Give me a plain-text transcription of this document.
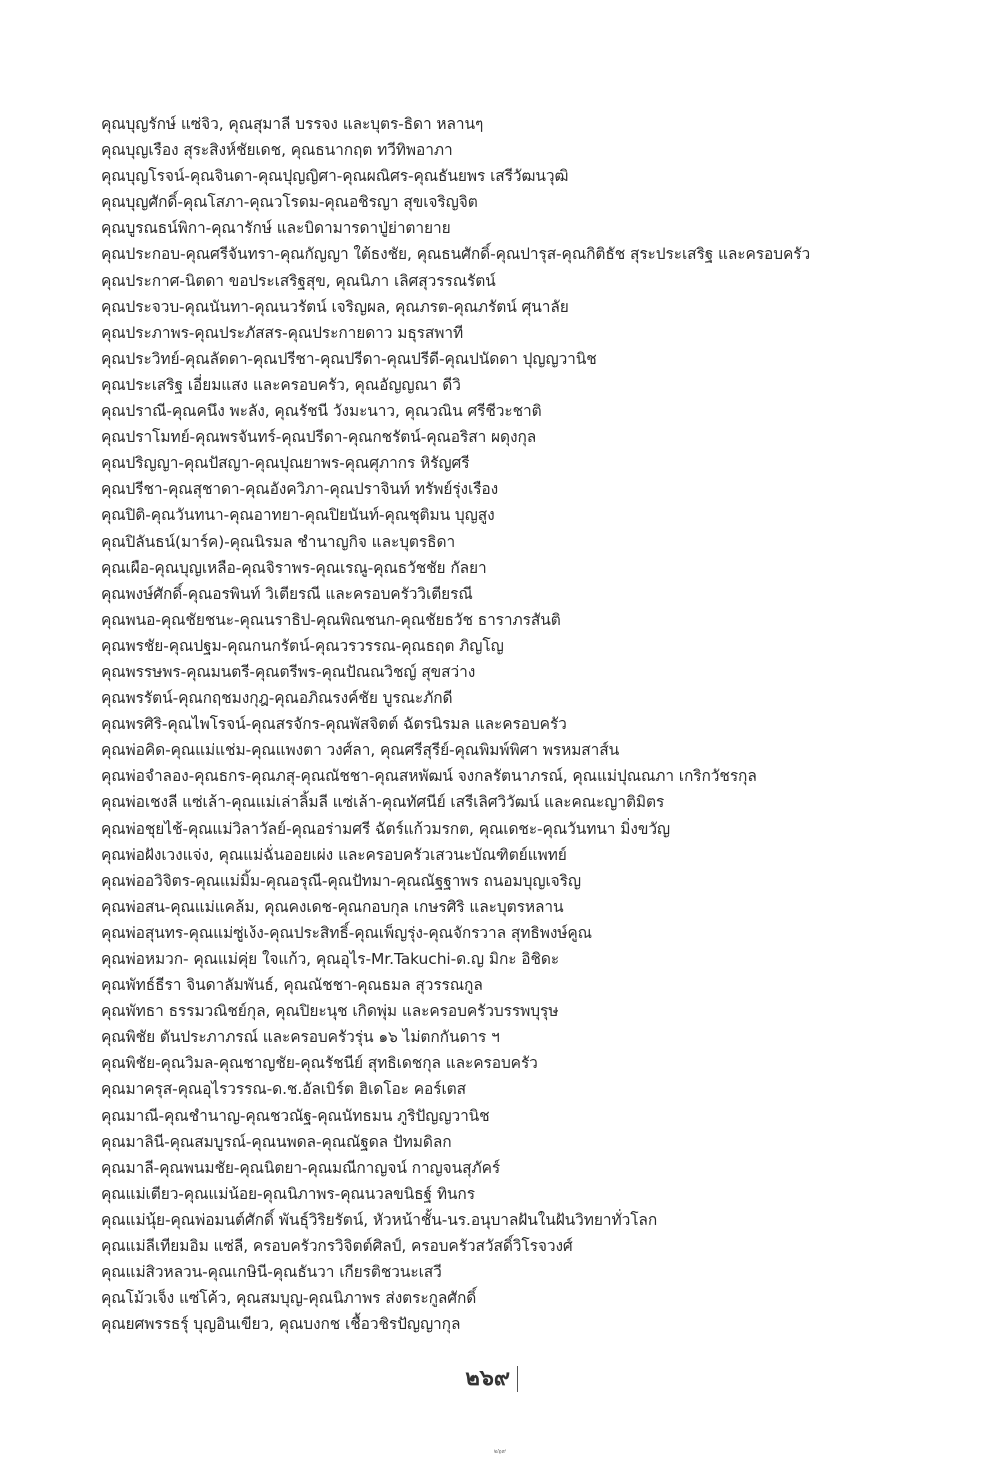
คุณบุญรักษ์ แซ่จิว, คุณสุมาลี บรรจง และบุตร-ธิดา หลานๆ
คุณบุญเรือง สุระสิงห์ชัยเดช, คุณธนากฤต ทวีทิพอาภา
คุณบุญโรจน์-คุณจินดา-คุณปุญญิศา-คุณผณิศร-คุณธันยพร เสรีวัฒนวุฒิ
คุณบุญศักดิ์-คุณโสภา-คุณวโรดม-คุณอชิรญา สุขเจริญจิต
คุณบูรณธน์พิกา-คุณารักษ์ และบิดามารดาปู่ย่าตายาย
คุณประกอบ-คุณศรีจันทรา-คุณกัญญา ใต้ธงชัย, คุณธนศักดิ์-คุณปารุส-คุณกิติธัช สุระประเสริฐ และครอบครัว
คุณประกาศ-นิตดา ขอประเสริฐสุข, คุณนิภา เลิศสุวรรณรัตน์
คุณประจวบ-คุณนันทา-คุณนวรัตน์ เจริญผล, คุณภรต-คุณภรัตน์ ศุนาลัย
คุณประภาพร-คุณประภัสสร-คุณประกายดาว มธุรสพาที
คุณประวิทย์-คุณลัดดา-คุณปรีชา-คุณปรีดา-คุณปรีดี-คุณปนัดดา ปุญญวานิช
คุณประเสริฐ เอี่ยมแสง และครอบครัว, คุณอัญญณา ดีวิ
คุณปราณี-คุณคนึง พะลัง, คุณรัชนี วังมะนาว, คุณวณิน ศรีชีวะชาติ
คุณปราโมทย์-คุณพรจันทร์-คุณปรีดา-คุณกชรัตน์-คุณอริสา ผดุงกุล
คุณปริญญา-คุณปัสญา-คุณปุณยาพร-คุณศุภากร หิรัญศรี
คุณปรีชา-คุณสุชาดา-คุณอังควิภา-คุณปราจินท์ ทรัพย์รุ่งเรือง
คุณปิติ-คุณวันทนา-คุณอาทยา-คุณปิยนันท์-คุณชุติมน บุญสูง
คุณปิลันธน์(มาร์ค)-คุณนิรมล ชำนาญกิจ และบุตรธิดา
คุณเผือ-คุณบุญเหลือ-คุณจิราพร-คุณเรณู-คุณธวัชชัย กัลยา
คุณพงษ์ศักดิ์-คุณอรพินท์ วิเตียรณี และครอบครัววิเตียรณี
คุณพนอ-คุณชัยชนะ-คุณนราธิป-คุณพิณชนก-คุณชัยธวัช ธาราภรสันติ
คุณพรชัย-คุณปฐม-คุณกนกรัตน์-คุณวรวรรณ-คุณธฤต ภิญโญ
คุณพรรษพร-คุณมนตรี-คุณตรีพร-คุณปัณณวิชญ์ สุขสว่าง
คุณพรรัตน์-คุณกฤชมงกุฎ-คุณอภิณรงค์ชัย บูรณะภักดี
คุณพรศิริ-คุณไพโรจน์-คุณสรจักร-คุณพัสจิตต์ ฉัตรนิรมล และครอบครัว
คุณพ่อคิด-คุณแม่แช่ม-คุณแพงตา วงศ์ลา, คุณศรีสุรีย์-คุณพิมพ์พิศา พรหมสาส์น
คุณพ่อจำลอง-คุณธกร-คุณภสุ-คุณณัชชา-คุณสหพัฒน์ จงกลรัตนาภรณ์, คุณแม่ปุณณภา เกริกวัชรกุล
คุณพ่อเชงลี แซ่เล้า-คุณแม่เล่าลิ้มลี แซ่เล้า-คุณทัศนีย์ เสรีเลิศวิวัฒน์ และคณะญาติมิตร
คุณพ่อชุยไช้-คุณแม่วิลาวัลย์-คุณอร่ามศรี ฉัตร์แก้วมรกต, คุณเดชะ-คุณวันทนา มิ่งขวัญ
คุณพ่อฝังเวงแจ่ง, คุณแม่ฉั่นออยเผ่ง และครอบครัวเสวนะบัณฑิตย์แพทย์
คุณพ่ออวิจิตร-คุณแม่มิ้ม-คุณอรุณี-คุณปัทมา-คุณณัฐฐาพร ถนอมบุญเจริญ
คุณพ่อสน-คุณแม่แคล้ม, คุณคงเดช-คุณกอบกุล เกษรศิริ และบุตรหลาน
คุณพ่อสุนทร-คุณแม่ซู่เง้ง-คุณประสิทธิ์-คุณเพ็ญรุ่ง-คุณจักรวาล สุทธิพงษ์คูณ
คุณพ่อหมวก- คุณแม่คุ่ย ใจแก้ว, คุณอุไร-Mr.Takuchi-ด.ญ มิกะ อิชิดะ
คุณพัทธ์ธีรา จินดาลัมพันธ์, คุณณัชชา-คุณธมล สุวรรณกูล
คุณพัทธา ธรรมวณิชย์กุล, คุณปิยะนุช เกิดพุ่ม และครอบครัวบรรพบุรุษ
คุณพิชัย ตันประภาภรณ์ และครอบครัวรุ่น ๑๖ ไม่ตกกันดาร ฯ
คุณพิชัย-คุณวิมล-คุณชาญชัย-คุณรัชนีย์ สุทธิเดชกุล และครอบครัว
คุณมาครุส-คุณอุไรวรรณ-ด.ช.อัลเบิร์ต ฮิเดโอะ คอร์เตส
คุณมาณี-คุณชำนาญ-คุณชวณัฐ-คุณนัทธมน ภูริปัญญวานิช
คุณมาลินี-คุณสมบูรณ์-คุณนพดล-คุณณัฐดล ปัทมดิลก
คุณมาลี-คุณพนมชัย-คุณนิตยา-คุณมณีกาญจน์ กาญจนสุภัคร์
คุณแม่เตียว-คุณแม่น้อย-คุณนิภาพร-คุณนวลขนิธฐ์ ทินกร
คุณแม่นุ้ย-คุณพ่อมนต์ศักดิ์ พันธุ์วิริยรัตน์, หัวหน้าชั้น-นร.อนุบาลฝันในฝันวิทยาทั่วโลก
คุณแม่ลีเทียมอิม แซ่ลี, ครอบครัวกรวิจิตต์ศิลป์, ครอบครัวสวัสดิ์วิโรจวงศ์
คุณแม่สิวหลวน-คุณเกษินี-คุณธันวา เกียรติชวนะเสวี
คุณโม้วเจ็ง แซ่โค้ว, คุณสมบุญ-คุณนิภาพร ส่งตระกูลศักดิ์
คุณยศพรรธรุ์ บุญอินเขียว, คุณบงกช เชื้อวชิรปัญญากุล
๒๖๙
๒๖๙
